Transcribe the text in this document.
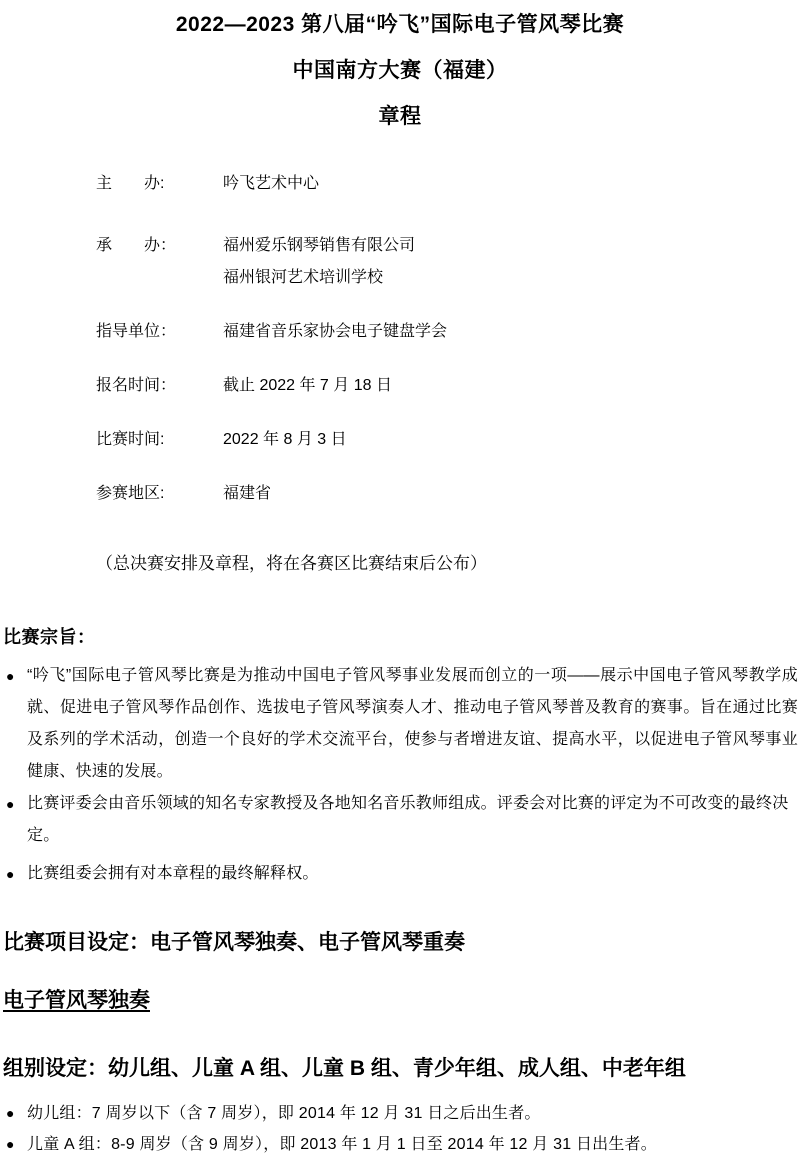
2022—2023 第八届“吟飞”国际电子管风琴比赛
中国南方大赛（福建）
章程
主　　办:	吟飞艺术中心
承　　办：	福州爱乐钢琴销售有限公司
福州银河艺术培训学校
指导单位：	福建省音乐家协会电子键盘学会
报名时间：	截止 2022 年 7 月 18 日
比赛时间:	2022 年 8 月 3 日
参赛地区:	福建省
（总决赛安排及章程，将在各赛区比赛结束后公布）
比赛宗旨：
● “吟飞”国际电子管风琴比赛是为推动中国电子管风琴事业发展而创立的一项——展示中国电子管风琴教学成就、促进电子管风琴作品创作、选拔电子管风琴演奏人才、推动电子管风琴普及教育的赛事。旨在通过比赛及系列的学术活动，创造一个良好的学术交流平台，使参与者增进友谊、提高水平，以促进电子管风琴事业健康、快速的发展。
● 比赛评委会由音乐领域的知名专家教授及各地知名音乐教师组成。评委会对比赛的评定为不可改变的最终决定。
● 比赛组委会拥有对本章程的最终解释权。
比赛项目设定：电子管风琴独奏、电子管风琴重奏
电子管风琴独奏
组别设定：幼儿组、儿童 A 组、儿童 B 组、青少年组、成人组、中老年组
● 幼儿组：7 周岁以下（含 7 周岁），即 2014 年 12 月 31 日之后出生者。
● 儿童 A 组：8-9 周岁（含 9 周岁），即 2013 年 1 月 1 日至 2014 年 12 月 31 日出生者。
